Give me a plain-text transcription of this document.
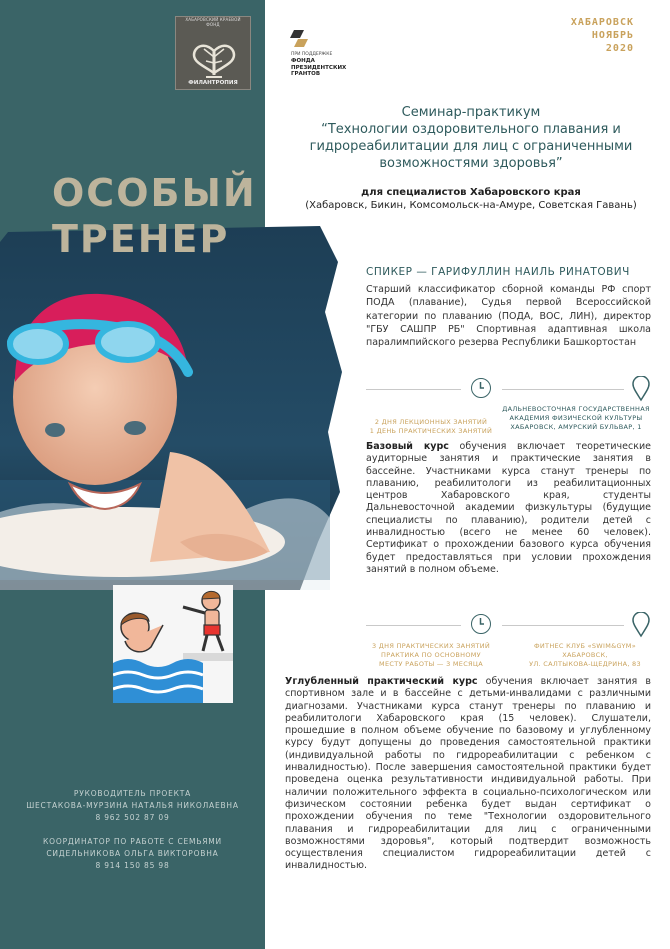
ХАБАРОВСКИЙ КРАЕВОЙ ФОНД
ФИЛАНТРОПИЯ
ПРИ ПОДДЕРЖКЕ
ФОНДА
ПРЕЗИДЕНТСКИХ
ГРАНТОВ
ХАБАРОВСК
НОЯБРЬ
2020
Семинар-практикум
“Технологии оздоровительного плавания и
гидрореабилитации для лиц с ограниченными
возможностями здоровья”
для специалистов Хабаровского края
(Хабаровск, Бикин, Комсомольск-на-Амуре, Советская Гавань)
ОСОБЫЙ
ТРЕНЕР
СПИКЕР — ГАРИФУЛЛИН НАИЛЬ РИНАТОВИЧ
Старший классификатор сборной команды РФ спорт ПОДА (плавание), Судья первой Всероссийской категории по плаванию (ПОДА, ВОС, ЛИН), директор "ГБУ САШПР РБ" Спортивная адаптивная школа паралимпийского резерва Республики Башкортостан
2 ДНЯ ЛЕКЦИОННЫХ ЗАНЯТИЙ
1 ДЕНЬ ПРАКТИЧЕСКИХ ЗАНЯТИЙ
ДАЛЬНЕВОСТОЧНАЯ ГОСУДАРСТВЕННАЯ
АКАДЕМИЯ ФИЗИЧЕСКОЙ КУЛЬТУРЫ
ХАБАРОВСК, АМУРСКИЙ БУЛЬВАР, 1
Базовый курс обучения включает теоретические аудиторные занятия и практические занятия в бассейне. Участниками курса станут тренеры по плаванию, реабилитологи из реабилитационных центров Хабаровского края, студенты Дальневосточной академии физкультуры (будущие специалисты по плаванию), родители детей с инвалидностью (всего не менее 60 человек). Сертификат о прохождении базового курса обучения будет предоставляться при условии прохождения занятий в полном объеме.
3 ДНЯ ПРАКТИЧЕСКИХ ЗАНЯТИЙ
ПРАКТИКА ПО ОСНОВНОМУ
МЕСТУ РАБОТЫ — 3 МЕСЯЦА
ФИТНЕС КЛУБ «SWIM&GYM»
ХАБАРОВСК,
УЛ. САЛТЫКОВА-ЩЕДРИНА, 83
Углубленный практический курс обучения включает занятия в спортивном зале и в бассейне с детьми-инвалидами с различными диагнозами. Участниками курса станут тренеры по плаванию и реабилитологи Хабаровского края (15 человек). Слушатели, прошедшие в полном объеме обучение по базовому и углубленному курсу будут допущены до проведения самостоятельной практики (индивидуальной работы по гидрореабилитации с ребенком с инвалидностью). После завершения самостоятельной практики будет проведена оценка результативности индивидуальной работы. При наличии положительного эффекта в социально-психологическом или физическом состоянии ребенка будет выдан сертификат о прохождении обучения по теме "Технологии оздоровительного плавания и гидрореабилитации для лиц с ограниченными возможностями здоровья", который подтвердит возможность осуществления специалистом гидрореабилитации детей с инвалидностью.
РУКОВОДИТЕЛЬ ПРОЕКТА
ШЕСТАКОВА-МУРЗИНА НАТАЛЬЯ НИКОЛАЕВНА
8 962 502 87 09
КООРДИНАТОР ПО РАБОТЕ С СЕМЬЯМИ
СИДЕЛЬНИКОВА ОЛЬГА ВИКТОРОВНА
8 914 150 85 98
